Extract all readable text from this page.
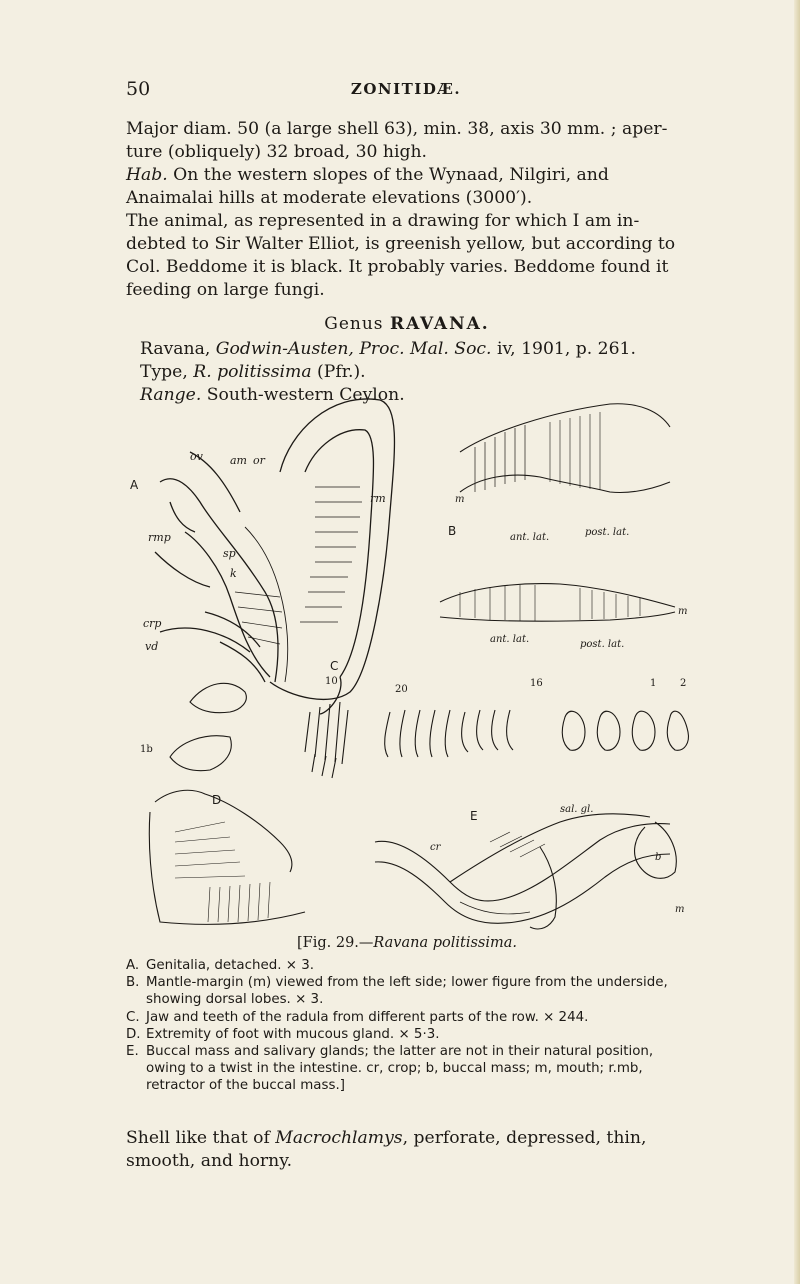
50	ZONITIDÆ.

Major diam. 50 (a large shell 63), min. 38, axis 30 mm. ; aper-ture (obliquely) 32 broad, 30 high.

Hab. On the western slopes of the Wynaad, Nilgiri, and Anaimalai hills at moderate elevations (3000′).

The animal, as represented in a drawing for which I am in-debted to Sir Walter Elliot, is greenish yellow, but according to Col. Beddome it is black. It probably varies. Beddome found it feeding on large fungi.

Genus RAVANA.

Ravana, Godwin-Austen, Proc. Mal. Soc. iv, 1901, p. 261.

Type, R. politissima (Pfr.).

Range. South-western Ceylon.

A
ov am or
rm
rmp
sp
k
crp
vd
m
B	ant. lat.	post. lat.
m
ant. lat.	post. lat.
1b
10
20
16	1 2
C
D
E	sal. gl.
cr
b
m
[Fig. 29.—Ravana politissima.
A. Genitalia, detached. × 3.
B. Mantle-margin (m) viewed from the left side; lower figure from the underside, showing dorsal lobes. × 3.
C. Jaw and teeth of the radula from different parts of the row. × 244.
D. Extremity of foot with mucous gland. × 5·3.
E. Buccal mass and salivary glands; the latter are not in their natural position, owing to a twist in the intestine. cr, crop; b, buccal mass; m, mouth; r.mb, retractor of the buccal mass.]
Shell like that of Macrochlamys, perforate, depressed, thin, smooth, and horny.
